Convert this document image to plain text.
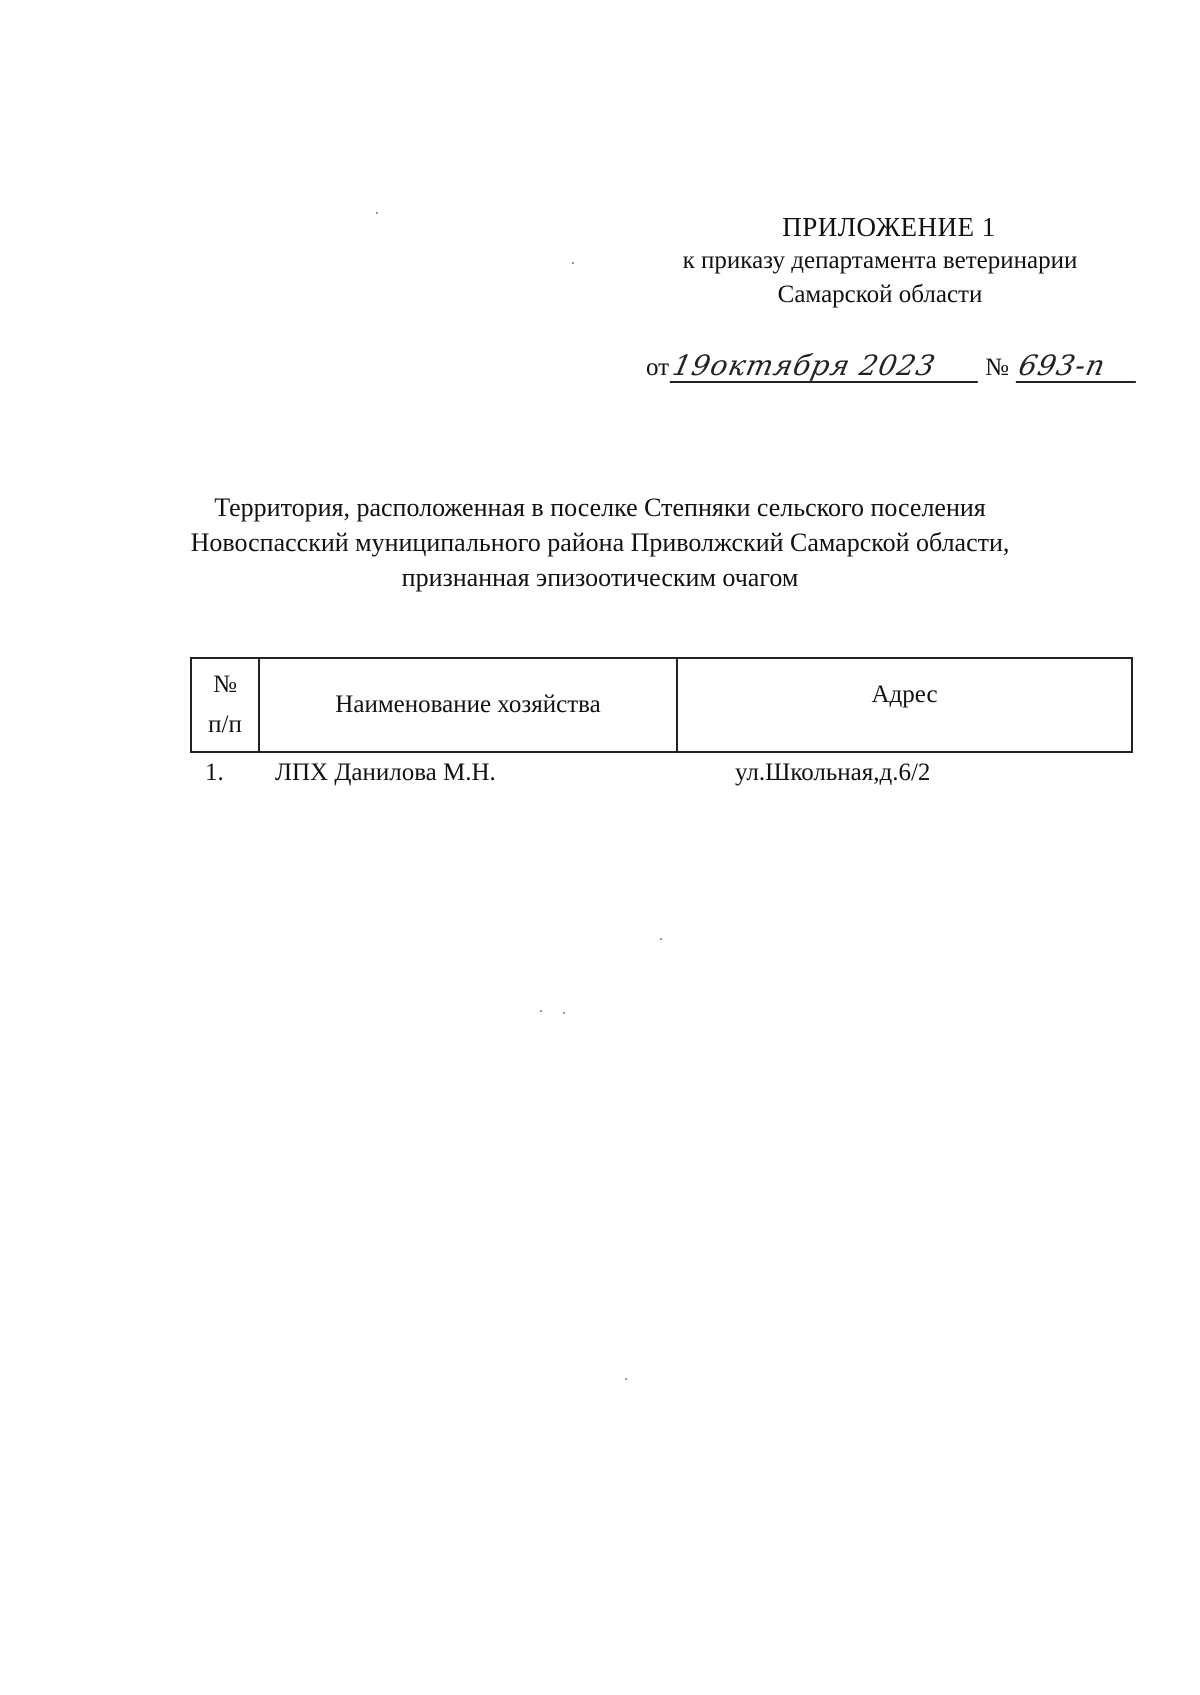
ПРИЛОЖЕНИЕ 1
к приказу департамента ветеринарии
Самарской области
от19октября 2023 № 693-п
Территория, расположенная в поселке Степняки сельского поселения
Новоспасский муниципального района Приволжский Самарской области,
признанная эпизоотическим очагом
№
п/п	Наименование хозяйства	Адрес
1.	ЛПХ Данилова М.Н.	ул.Школьная,д.6/2
